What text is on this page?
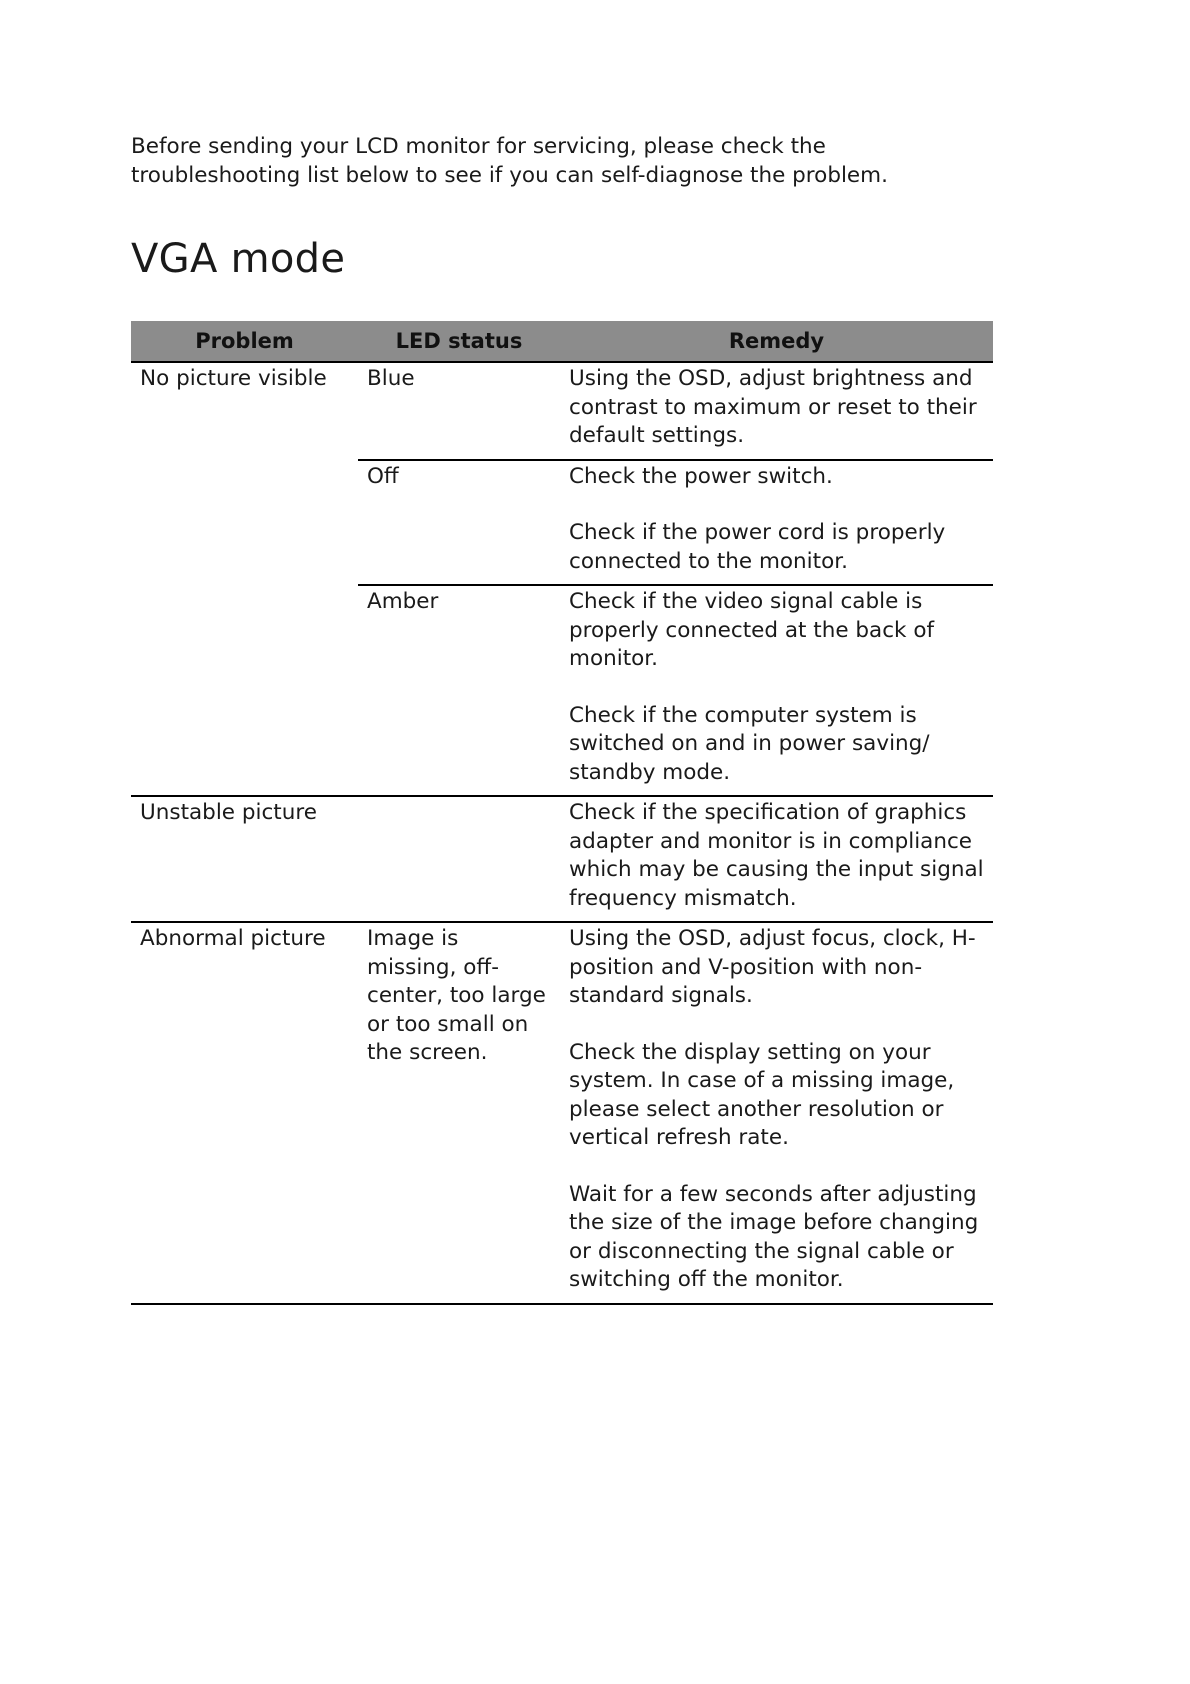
Before sending your LCD monitor for servicing, please check the
troubleshooting list below to see if you can self-diagnose the problem.

VGA mode
Problem	LED status	Remedy
No picture visible	Blue	Using the OSD, adjust brightness and contrast to maximum or reset to their default settings.

	Off	Check the power switch.
Check if the power cord is properly connected to the monitor.

	Amber	Check if the video signal cable is properly connected at the back of monitor.
Check if the computer system is switched on and in power saving/ standby mode.

Unstable picture		Check if the specification of graphics adapter and monitor is in compliance which may be causing the input signal frequency mismatch.

Abnormal picture	Image is missing, off-center, too large or too small on the screen.	Using the OSD, adjust focus, clock, H-position and V-position with non-standard signals.
Check the display setting on your system. In case of a missing image, please select another resolution or vertical refresh rate.
Wait for a few seconds after adjusting the size of the image before changing or disconnecting the signal cable or switching off the monitor.
